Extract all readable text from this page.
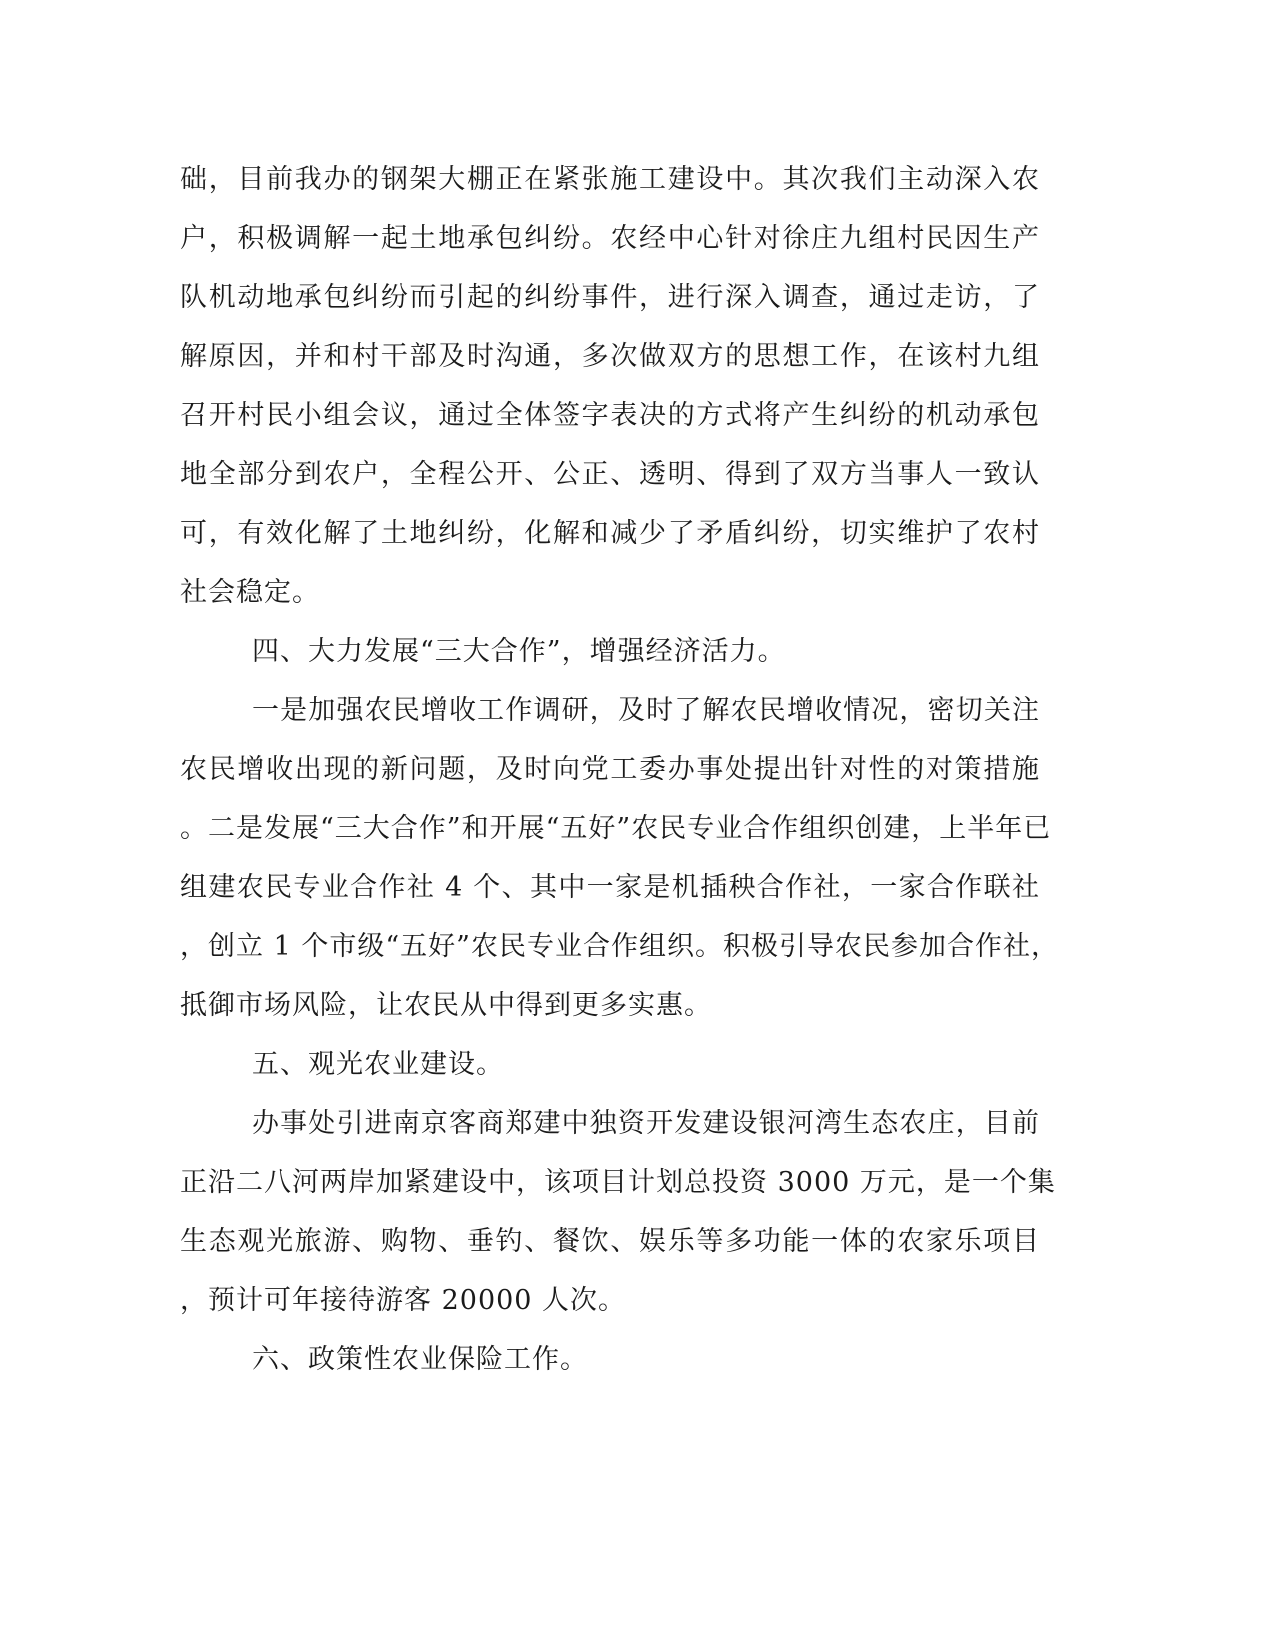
础，目前我办的钢架大棚正在紧张施工建设中。其次我们主动深入农
户，积极调解一起土地承包纠纷。农经中心针对徐庄九组村民因生产
队机动地承包纠纷而引起的纠纷事件，进行深入调查，通过走访，了
解原因，并和村干部及时沟通，多次做双方的思想工作，在该村九组
召开村民小组会议，通过全体签字表决的方式将产生纠纷的机动承包
地全部分到农户，全程公开、公正、透明、得到了双方当事人一致认
可，有效化解了土地纠纷，化解和减少了矛盾纠纷，切实维护了农村
社会稳定。
四、大力发展“三大合作”，增强经济活力。
一是加强农民增收工作调研，及时了解农民增收情况，密切关注
农民增收出现的新问题，及时向党工委办事处提出针对性的对策措施
。二是发展“三大合作”和开展“五好”农民专业合作组织创建，上半年已
组建农民专业合作社 4 个、其中一家是机插秧合作社，一家合作联社
，创立 1 个市级“五好”农民专业合作组织。积极引导农民参加合作社，
抵御市场风险，让农民从中得到更多实惠。
五、观光农业建设。
办事处引进南京客商郑建中独资开发建设银河湾生态农庄，目前
正沿二八河两岸加紧建设中，该项目计划总投资 3000 万元，是一个集
生态观光旅游、购物、垂钓、餐饮、娱乐等多功能一体的农家乐项目
，预计可年接待游客 20000 人次。
六、政策性农业保险工作。
